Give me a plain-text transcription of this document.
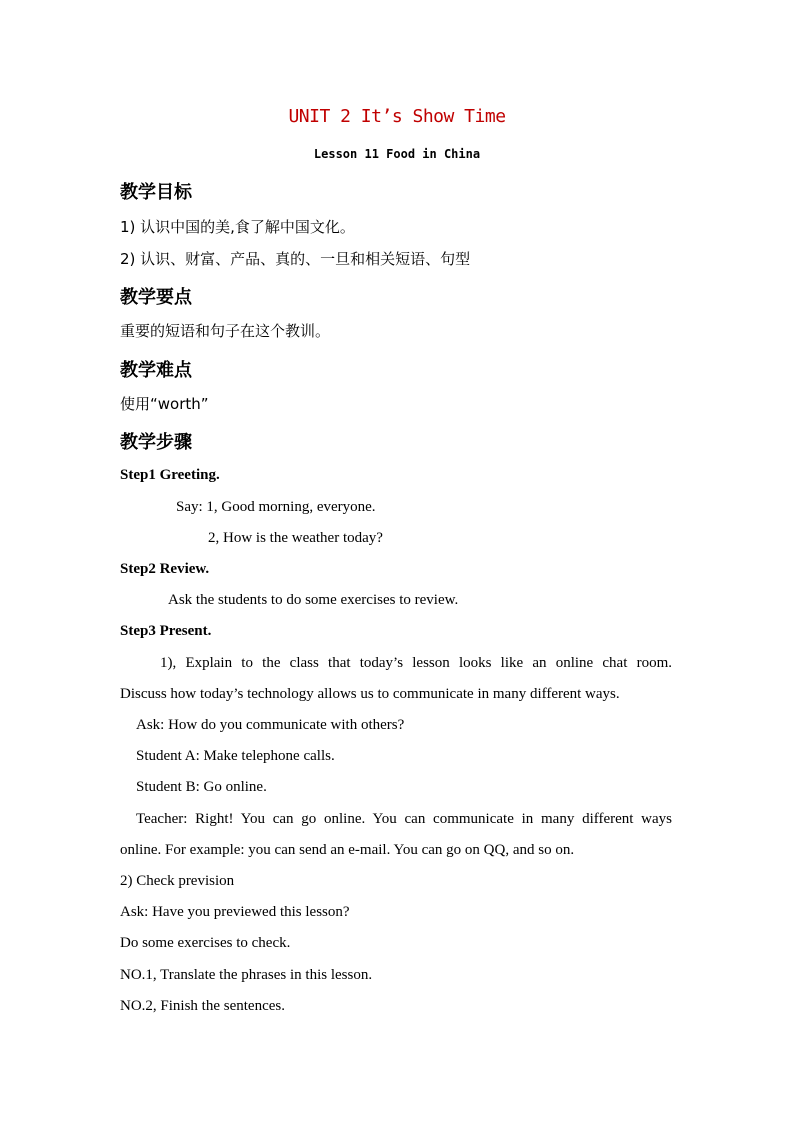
UNIT 2 It’s Show Time
Lesson 11 Food in China
教学目标
1) 认识中国的美,食了解中国文化。
2) 认识、财富、产品、真的、一旦和相关短语、句型
教学要点
重要的短语和句子在这个教训。
教学难点
使用“worth”
教学步骤
Step1 Greeting.
Say: 1, Good morning, everyone.
2, How is the weather today?
Step2 Review.
Ask the students to do some exercises to review.
Step3 Present.
1), Explain to the class that today’s lesson looks like an online chat room.
Discuss how today’s technology allows us to communicate in many different ways.
Ask: How do you communicate with others?
Student A: Make telephone calls.
Student B: Go online.
Teacher: Right! You can go online. You can communicate in many different ways
online. For example: you can send an e-mail. You can go on QQ, and so on.
2) Check prevision
Ask: Have you previewed this lesson?
Do some exercises to check.
NO.1, Translate the phrases in this lesson.
NO.2, Finish the sentences.
